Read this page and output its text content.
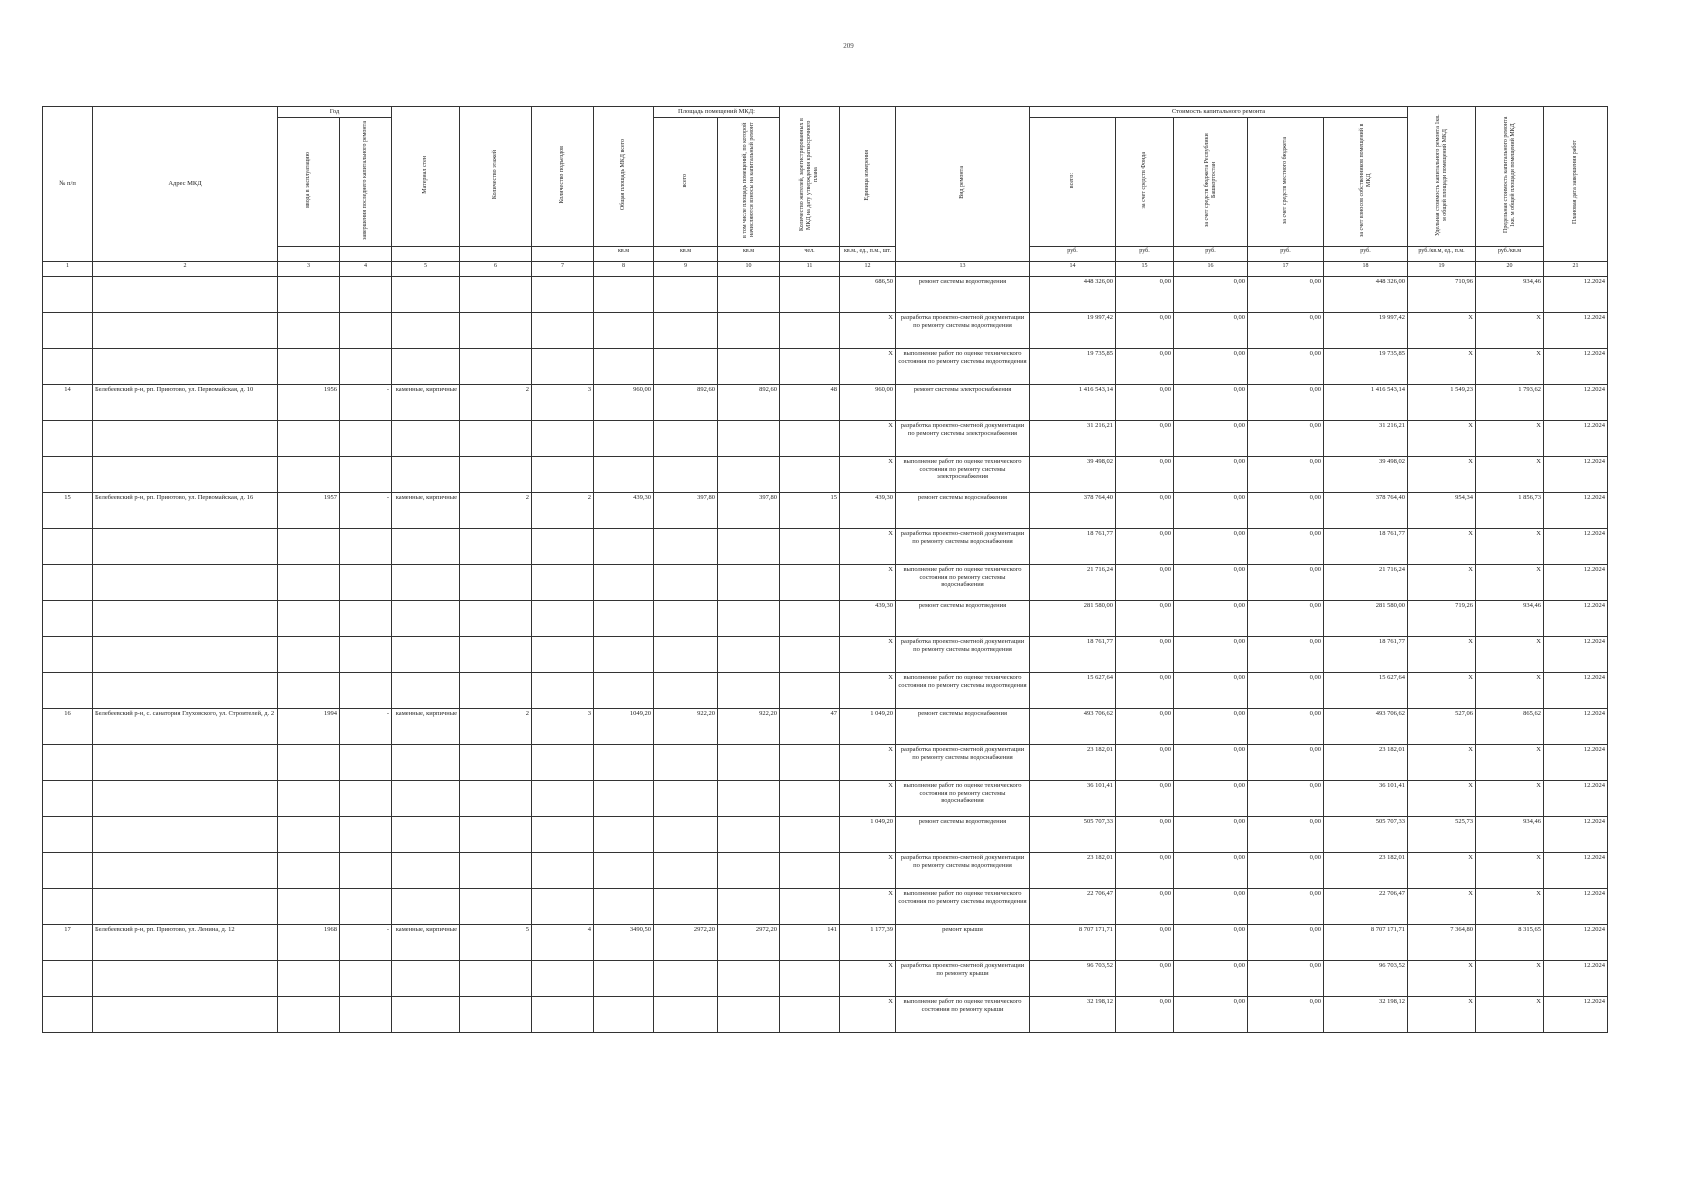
209
№ п/п	Адрес МКД	Год		Материал стен	Количество этажей	Количество подъездов	Общая площадь МКД всего	Площадь помещений МКД:		Количество жителей, зарегистрированных в МКД на дату утверждения краткосрочного плана	Единица измерения	Вид ремонта	Стоимость капитального ремонта					Удельная стоимость капитального ремонта 1кв. м общей площади помещений МКД	Предельная стоимость капитального ремонта 1кв. м общей площади помещений МКД	Плановая дата завершения работ
		ввода в эксплуатацию	завершения последнего капитального ремонта					всего	в том числе площадь помещений, по которой начисляются взносы на капитальный ремонт				всего:	за счет средств Фонда	за счет средств бюджета Республики Башкортостан	за счет средств местного бюджета	за счет взносов собственников помещений в МКД			
							кв.м	кв.м	кв.м	чел.	кв.м., ед., п.м., шт.		руб.	руб.	руб.	руб.	руб.	руб./кв.м, ед., п.м.	руб./кв.м	
1	2	3	4	5	6	7	8	9	10	11	12	13	14	15	16	17	18	19	20	21
											686,50	ремонт системы водоотведения	448 326,00	0,00	0,00	0,00	448 326,00	710,96	934,46	12.2024
											X	разработка проектно-сметной документации по ремонту системы водоотведения	19 997,42	0,00	0,00	0,00	19 997,42	X	X	12.2024
											X	выполнение работ по оценке технического состояния по ремонту системы водоотведения	19 735,85	0,00	0,00	0,00	19 735,85	X	X	12.2024
14	Белебеевский р-н, рп. Приютово, ул. Первомайская, д. 10	1956	-	каменные, кирпичные	2	3	960,00	892,60	892,60	48	960,00	ремонт системы электроснабжения	1 416 543,14	0,00	0,00	0,00	1 416 543,14	1 549,23	1 793,62	12.2024
											X	разработка проектно-сметной документации по ремонту системы электроснабжения	31 216,21	0,00	0,00	0,00	31 216,21	X	X	12.2024
											X	выполнение работ по оценке технического состояния по ремонту системы электроснабжения	39 498,02	0,00	0,00	0,00	39 498,02	X	X	12.2024
15	Белебеевский р-н, рп. Приютово, ул. Первомайская, д. 16	1957	-	каменные, кирпичные	2	2	439,30	397,80	397,80	15	439,30	ремонт системы водоснабжения	378 764,40	0,00	0,00	0,00	378 764,40	954,34	1 856,73	12.2024
											X	разработка проектно-сметной документации по ремонту системы водоснабжения	18 761,77	0,00	0,00	0,00	18 761,77	X	X	12.2024
											X	выполнение работ по оценке технического состояния по ремонту системы водоснабжения	21 716,24	0,00	0,00	0,00	21 716,24	X	X	12.2024
											439,30	ремонт системы водоотведения	281 580,00	0,00	0,00	0,00	281 580,00	719,26	934,46	12.2024
											X	разработка проектно-сметной документации по ремонту системы водоотведения	18 761,77	0,00	0,00	0,00	18 761,77	X	X	12.2024
											X	выполнение работ по оценке технического состояния по ремонту системы водоотведения	15 627,64	0,00	0,00	0,00	15 627,64	X	X	12.2024
16	Белебеевский р-н, с. санатория Глуховского, ул. Строителей, д. 2	1994	-	каменные, кирпичные	2	3	1049,20	922,20	922,20	47	1 049,20	ремонт системы водоснабжения	493 706,62	0,00	0,00	0,00	493 706,62	527,06	865,62	12.2024
											X	разработка проектно-сметной документации по ремонту системы водоснабжения	23 182,01	0,00	0,00	0,00	23 182,01	X	X	12.2024
											X	выполнение работ по оценке технического состояния по ремонту системы водоснабжения	36 101,41	0,00	0,00	0,00	36 101,41	X	X	12.2024
											1 049,20	ремонт системы водоотведения	505 707,33	0,00	0,00	0,00	505 707,33	525,73	934,46	12.2024
											X	разработка проектно-сметной документации по ремонту системы водоотведения	23 182,01	0,00	0,00	0,00	23 182,01	X	X	12.2024
											X	выполнение работ по оценке технического состояния по ремонту системы водоотведения	22 706,47	0,00	0,00	0,00	22 706,47	X	X	12.2024
17	Белебеевский р-н, рп. Приютово, ул. Ленина, д. 12	1968	-	каменные, кирпичные	5	4	3490,50	2972,20	2972,20	141	1 177,39	ремонт крыши	8 707 171,71	0,00	0,00	0,00	8 707 171,71	7 364,80	8 315,65	12.2024
											X	разработка проектно-сметной документации по ремонту крыши	96 703,52	0,00	0,00	0,00	96 703,52	X	X	12.2024
											X	выполнение работ по оценке технического состояния по ремонту крыши	32 198,12	0,00	0,00	0,00	32 198,12	X	X	12.2024
